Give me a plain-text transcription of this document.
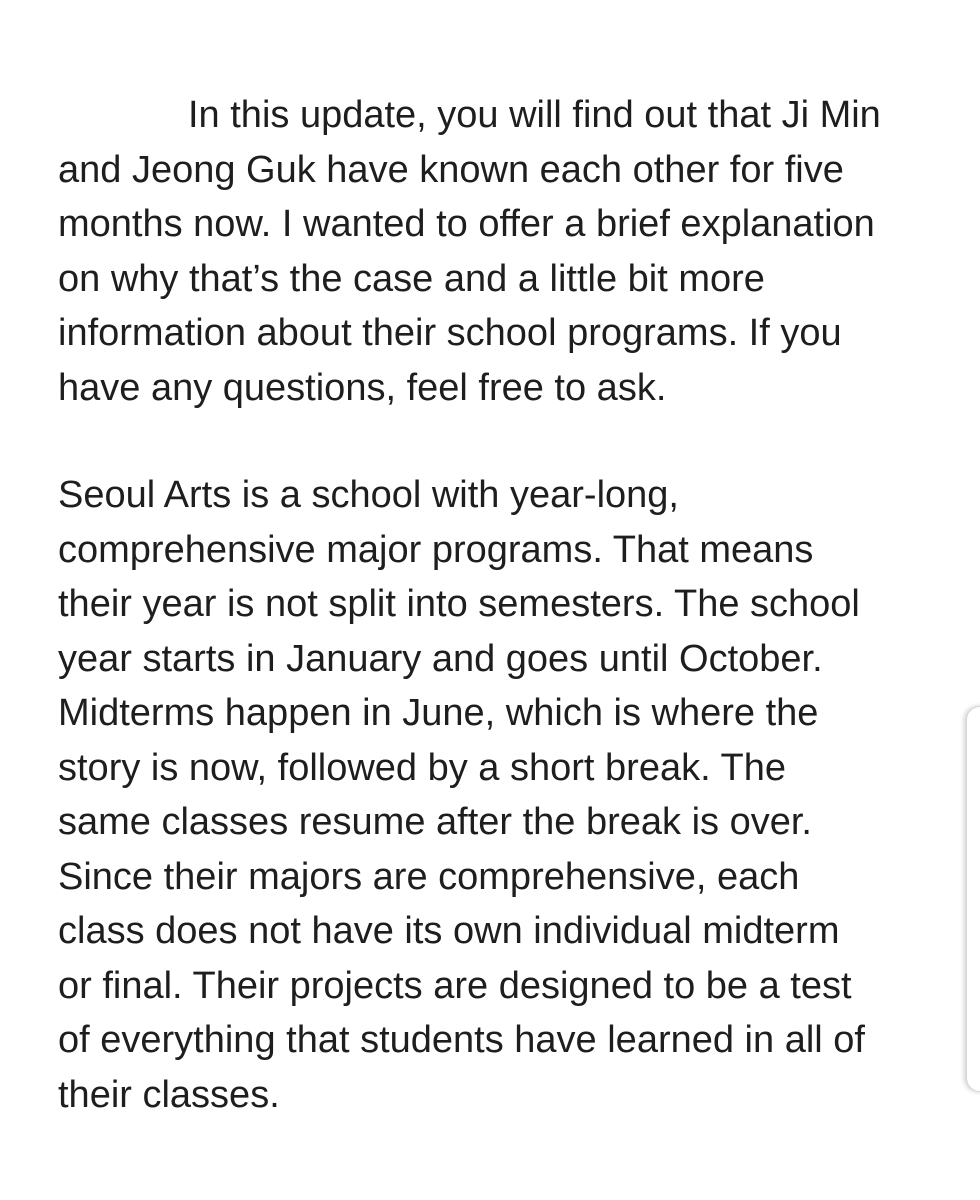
In this update, you will find out that Ji Min
and Jeong Guk have known each other for five
months now. I wanted to offer a brief explanation
on why that’s the case and a little bit more
information about their school programs. If you
have any questions, feel free to ask.

Seoul Arts is a school with year-long,
comprehensive major programs. That means
their year is not split into semesters. The school
year starts in January and goes until October.
Midterms happen in June, which is where the
story is now, followed by a short break. The
same classes resume after the break is over.
Since their majors are comprehensive, each
class does not have its own individual midterm
or final. Their projects are designed to be a test
of everything that students have learned in all of
their classes.
